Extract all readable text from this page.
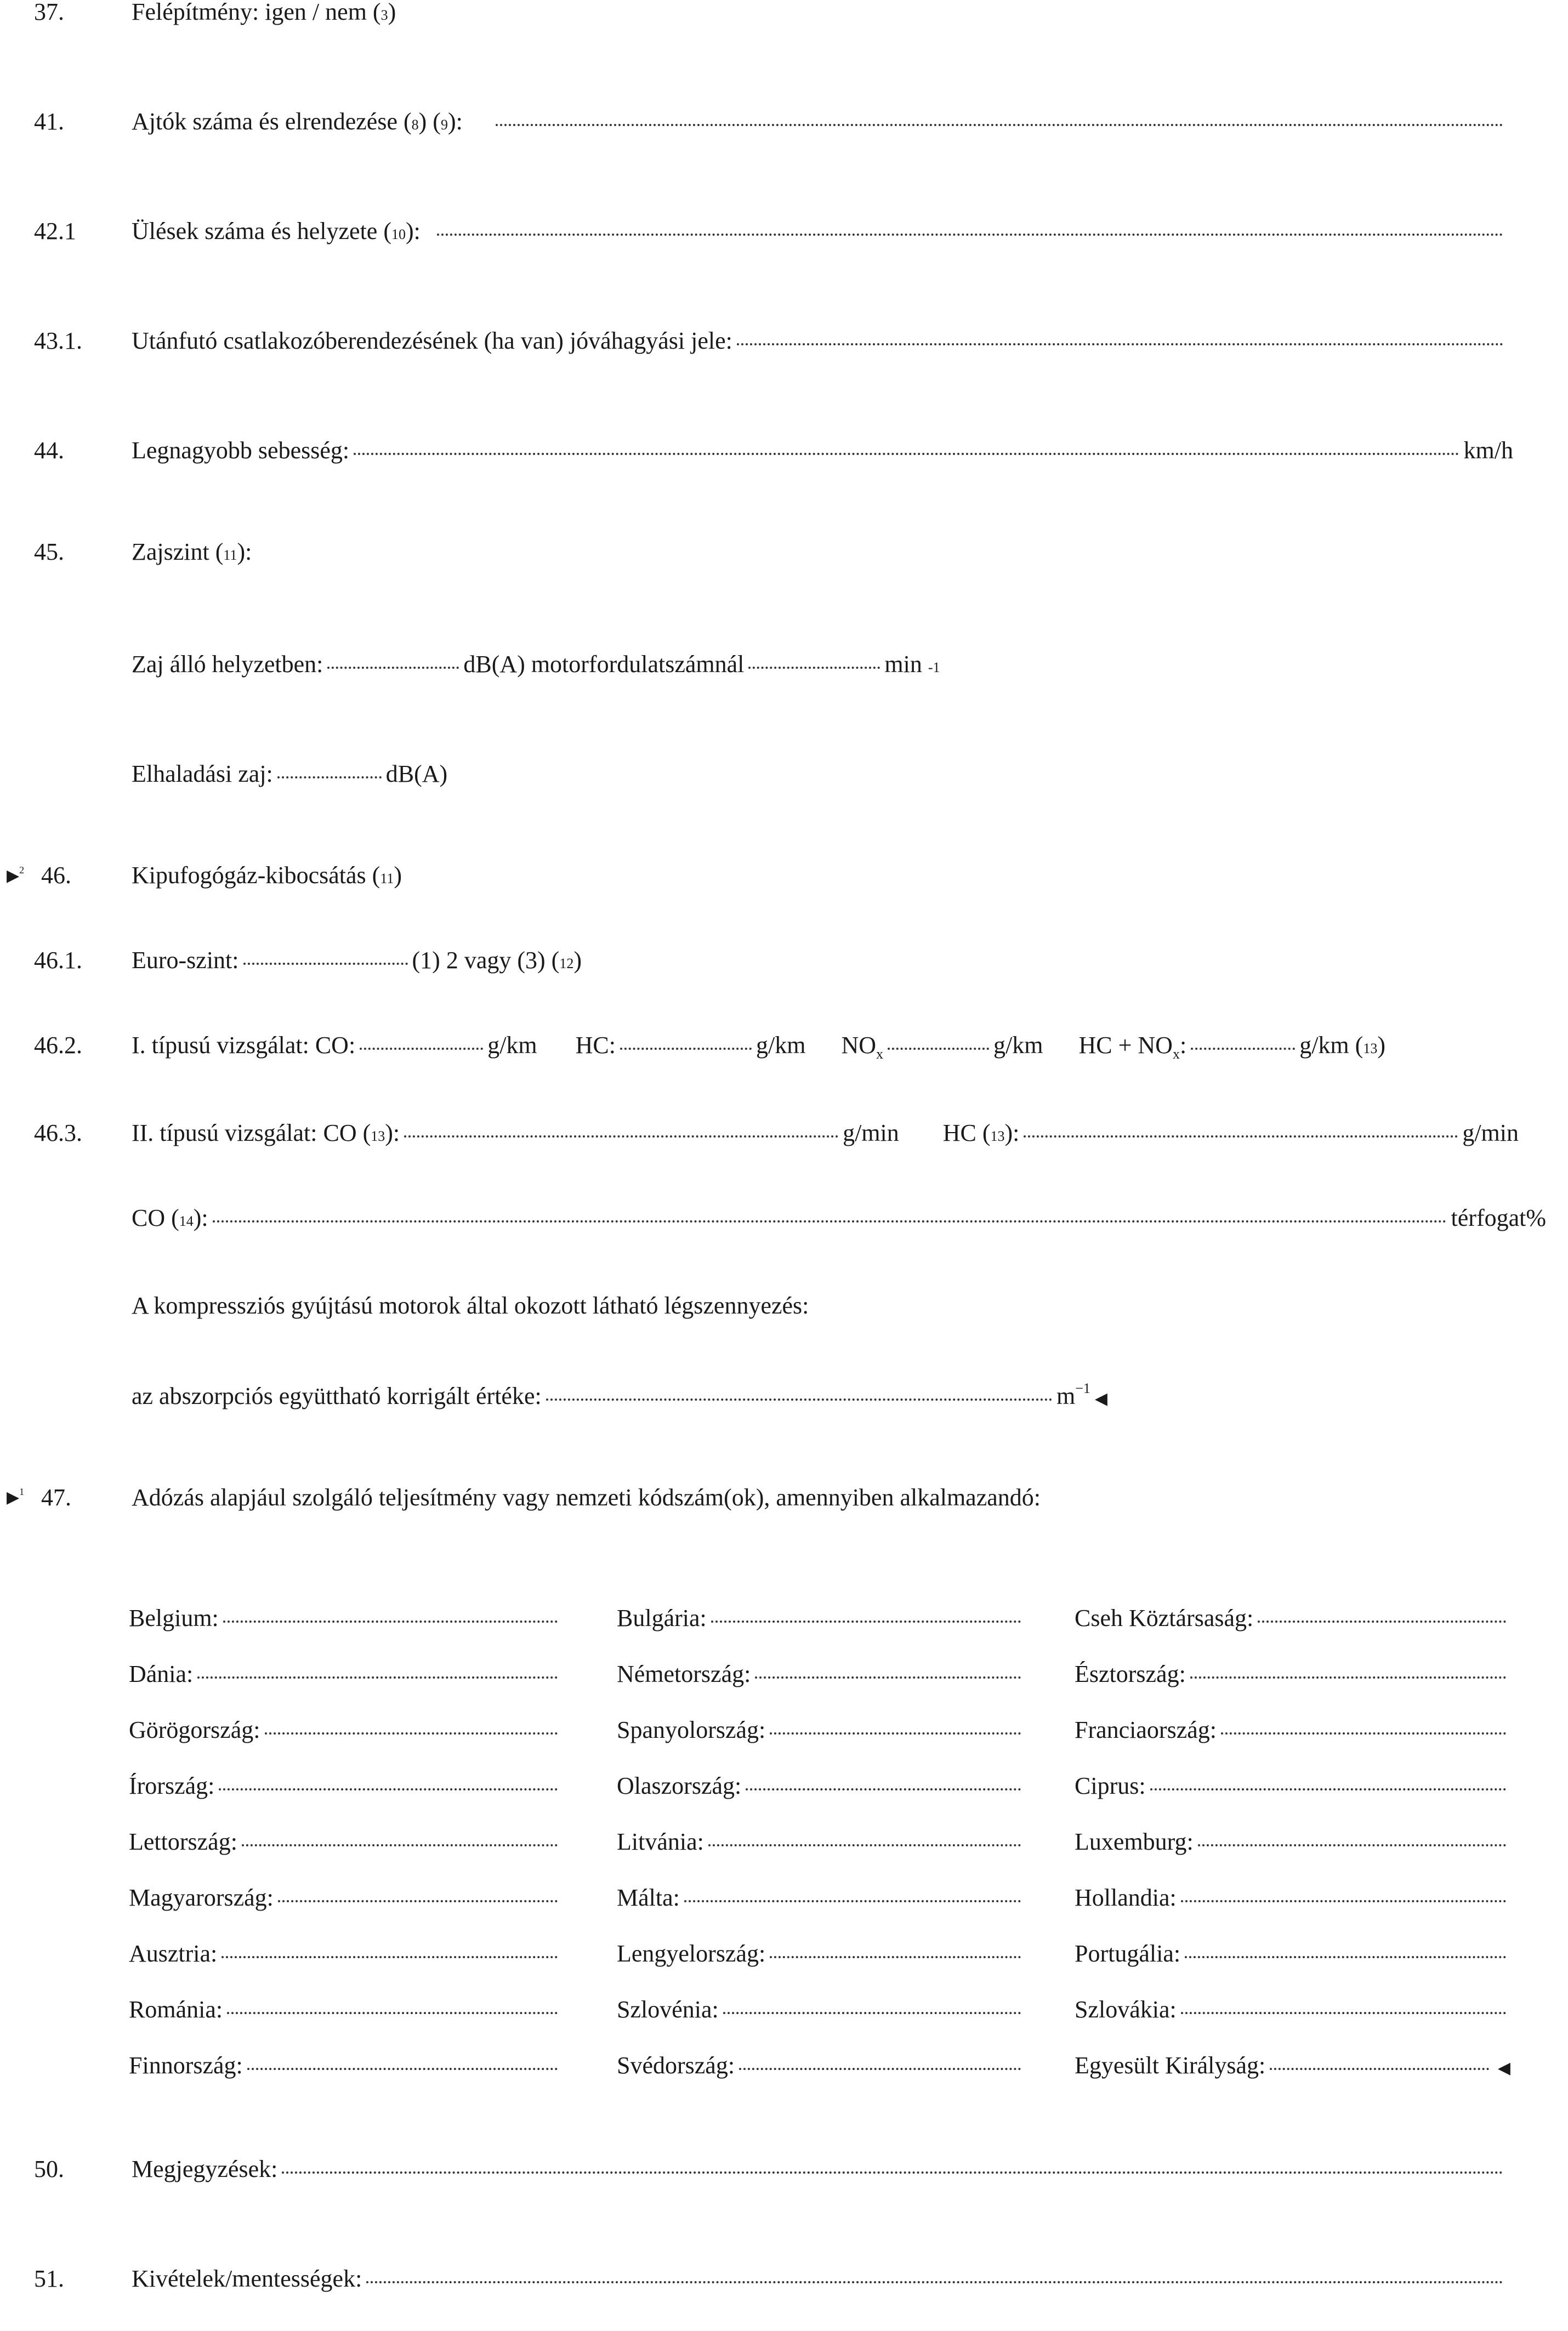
37.	Felépítmény: igen / nem ( 3 )
41.	Ajtók száma és elrendezése ( 8 ) ( 9 ):
42.1 Ülések száma és helyzete ( 10 ):
43.1. Utánfutó csatlakozóberendezésének (ha van) jóváhagyási jele:
44.	Legnagyobb sebesség:	km/h
45.	Zajszint ( 11 ):
Zaj álló helyzetben:	dB(A) motorfordulatszámnál	min
-1
Elhaladási zaj:	dB(A)
▶$^2$ 46.	Kipufogógáz-kibocsátás ( 11 )
46.1. Euro-szint:	(1) 2 vagy (3) ( 12 )
46.2. I. típusú vizsgálat: CO:	g/km HC:	g/km $NO_x$	g/km HC + $NO_x$:	g/km ( 13 )
46.3. II. típusú vizsgálat: CO ( 13 ):	g/min HC ( 13 ):	g/min
CO ( 14 ):	térfogat%
A kompressziós gyújtású motorok által okozott látható légszennyezés:
az abszorpciós együttható korrigált értéke:	$m^{-1}$
◀
▶$^1$ 47.	Adózás alapjául szolgáló teljesítmény vagy nemzeti kódszám(ok), amennyiben alkalmazandó:
Belgium:	Bulgária:	Cseh Köztársaság:
Dánia:	Németország:	Észtország:
Görögország:	Spanyolország:	Franciaország:
Írország:	Olaszország:	Ciprus:
Lettország:	Litvánia:	Luxemburg:
Magyarország:	Málta:	Hollandia:
Ausztria:	Lengyelország:	Portugália:
Románia:	Szlovénia:	Szlovákia:
Finnország:	Svédország:	Egyesült Királyság:	◀
50.	Megjegyzések:
51.	Kivételek/mentességek:
